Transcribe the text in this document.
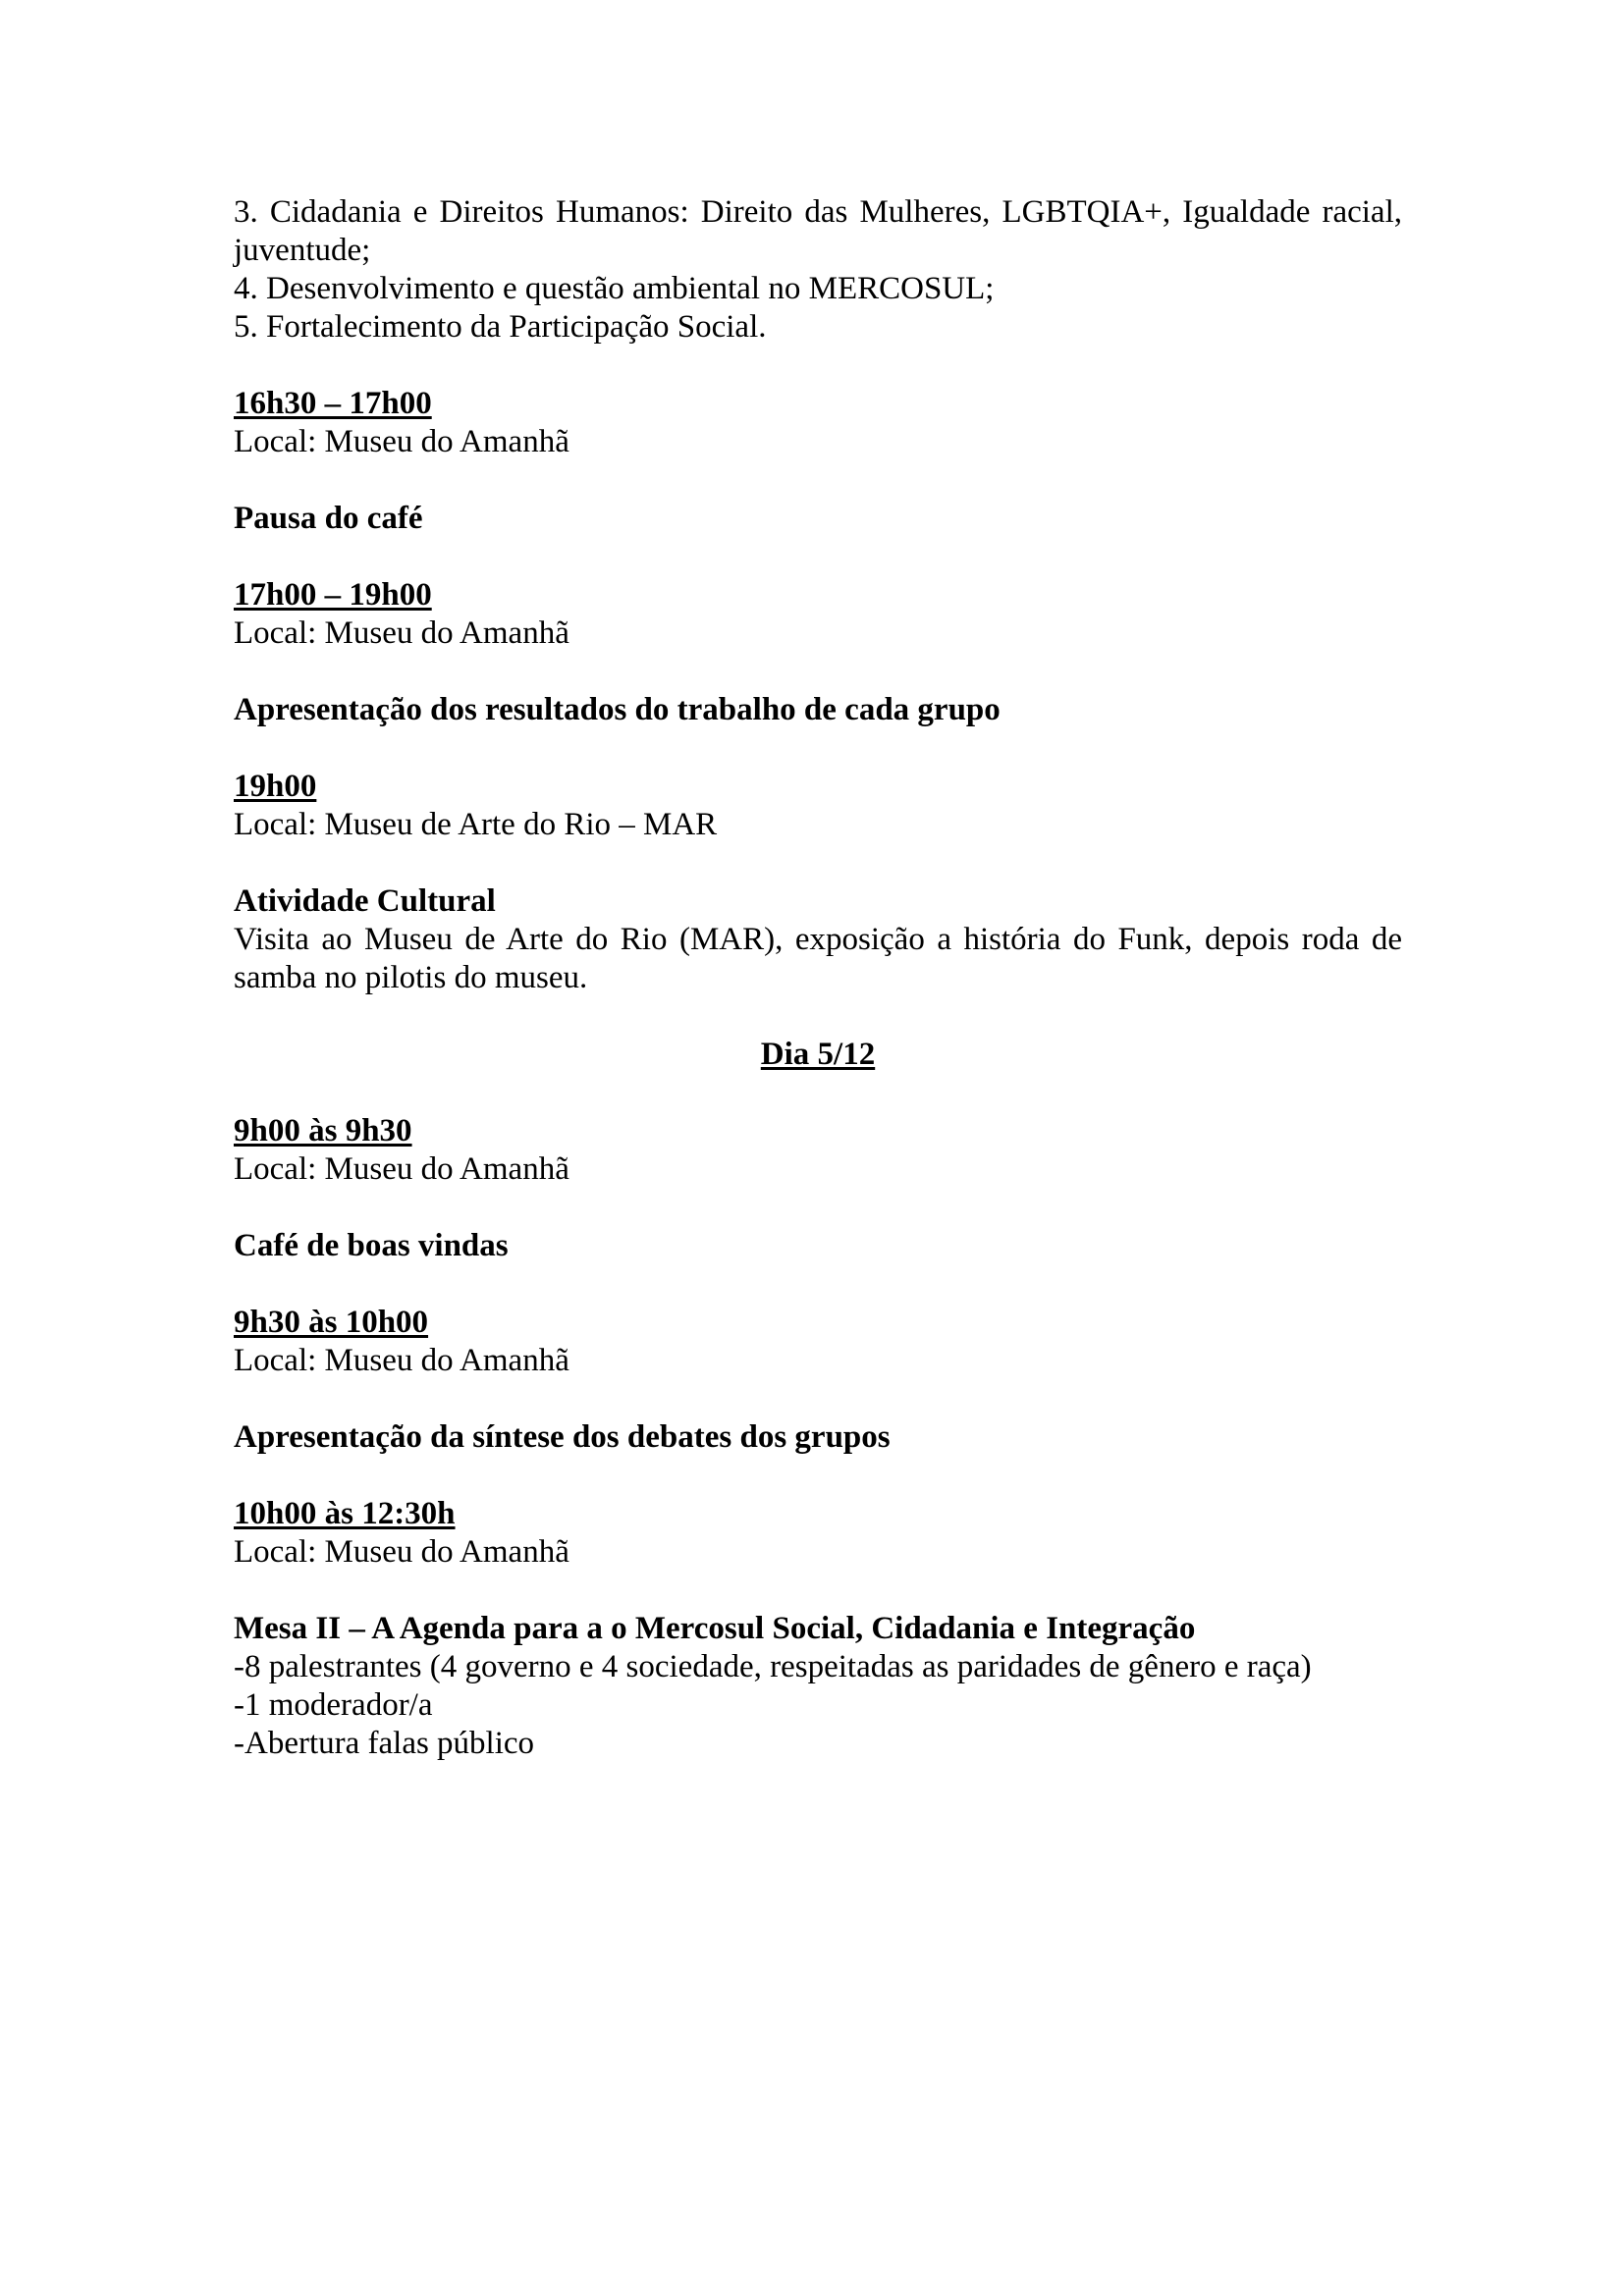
3. Cidadania e Direitos Humanos: Direito das Mulheres, LGBTQIA+, Igualdade racial, juventude;

4. Desenvolvimento e questão ambiental no MERCOSUL;

5. Fortalecimento da Participação Social.

16h30 – 17h00

Local: Museu do Amanhã

Pausa do café

17h00 – 19h00

Local: Museu do Amanhã

Apresentação dos resultados do trabalho de cada grupo

19h00

Local: Museu de Arte do Rio – MAR

Atividade Cultural

Visita ao Museu de Arte do Rio (MAR), exposição a história do Funk, depois roda de samba no pilotis do museu.

Dia 5/12

9h00 às 9h30

Local: Museu do Amanhã

Café de boas vindas

9h30 às 10h00

Local: Museu do Amanhã

Apresentação da síntese dos debates dos grupos

10h00 às 12:30h

Local: Museu do Amanhã

Mesa II – A Agenda para a o Mercosul Social, Cidadania e Integração

-8 palestrantes (4 governo e 4 sociedade, respeitadas as paridades de gênero e raça)

-1 moderador/a

-Abertura falas público
